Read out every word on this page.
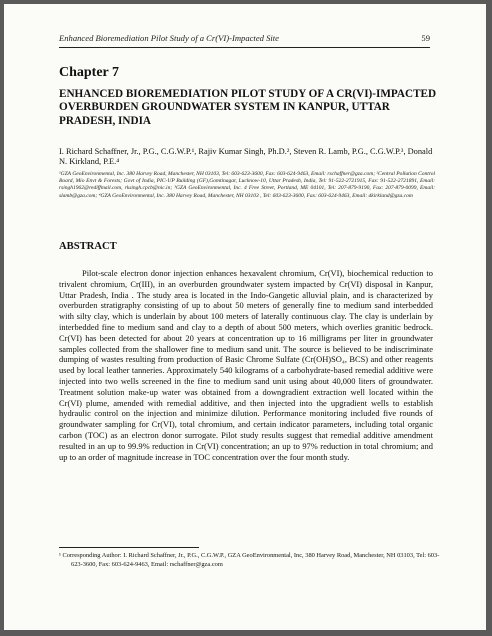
Enhanced Bioremediation Pilot Study of a Cr(VI)-Impacted Site	59
Chapter 7
ENHANCED BIOREMEDIATION PILOT STUDY OF A CR(VI)-IMPACTED OVERBURDEN GROUNDWATER SYSTEM IN KANPUR, UTTAR PRADESH, INDIA
I. Richard Schaffner, Jr., P.G., C.G.W.P.¹, Rajiv Kumar Singh, Ph.D.², Steven R. Lamb, P.G., C.G.W.P.³, Donald N. Kirkland, P.E.⁴
¹GZA GeoEnvironmental, Inc. 380 Harvey Road, Manchester, NH 03103, Tel: 603-623-3600, Fax: 603-624-9463, Email: rschaffner@gza.com; ²Central Pollution Control Board, Mio Envt & Forests; Govt of India, PIC-UP Building (GF),Gomtinagar, Lucknow-10, Uttar Pradesh, India, Tel: 91-522-2721915, Fax: 91-522-2721891, Email: rsingh1962@rediffmail.com, rksingh.cpcb@nic.in; ³GZA GeoEnvironmental, Inc. 4 Free Street, Portland, ME 04101, Tel: 207-879-9190, Fax: 207-879-0099, Email: slamb@gza.com; ⁴GZA GeoEnvironmental, Inc. 380 Harvey Road, Manchester, NH 03103 , Tel: 603-623-3600, Fax: 603-624-9463, Email: dkirkland@gza.com
ABSTRACT

Pilot-scale electron donor injection enhances hexavalent chromium, Cr(VI), biochemical reduction to trivalent chromium, Cr(III), in an overburden groundwater system impacted by Cr(VI) disposal in Kanpur, Uttar Pradesh, India . The study area is located in the Indo-Gangetic alluvial plain, and is characterized by overburden stratigraphy consisting of up to about 50 meters of generally fine to medium sand interbedded with silty clay, which is underlain by about 100 meters of laterally continuous clay. The clay is underlain by interbedded fine to medium sand and clay to a depth of about 500 meters, which overlies granitic bedrock. Cr(VI) has been detected for about 20 years at concentration up to 16 milligrams per liter in groundwater samples collected from the shallower fine to medium sand unit. The source is believed to be indiscriminate dumping of wastes resulting from production of Basic Chrome Sulfate (Cr(OH)SO₄, BCS) and other reagents used by local leather tanneries. Approximately 540 kilograms of a carbohydrate-based remedial additive were injected into two wells screened in the fine to medium sand unit using about 40,000 liters of groundwater. Treatment solution make-up water was obtained from a downgradient extraction well located within the Cr(VI) plume, amended with remedial additive, and then injected into the upgradient wells to establish hydraulic control on the injection and minimize dilution. Performance monitoring included five rounds of groundwater sampling for Cr(VI), total chromium, and certain indicator parameters, including total organic carbon (TOC) as an electron donor surrogate. Pilot study results suggest that remedial additive amendment resulted in an up to 99.9% reduction in Cr(VI) concentration; an up to 97% reduction in total chromium; and up to an order of magnitude increase in TOC concentration over the four month study.

¹ Corresponding Author: I. Richard Schaffner, Jr., P.G., C.G.W.P., GZA GeoEnvironmental, Inc, 380 Harvey Road, Manchester, NH 03103, Tel: 603-623-3600, Fax: 603-624-9463, Email: rschaffner@gza.com
